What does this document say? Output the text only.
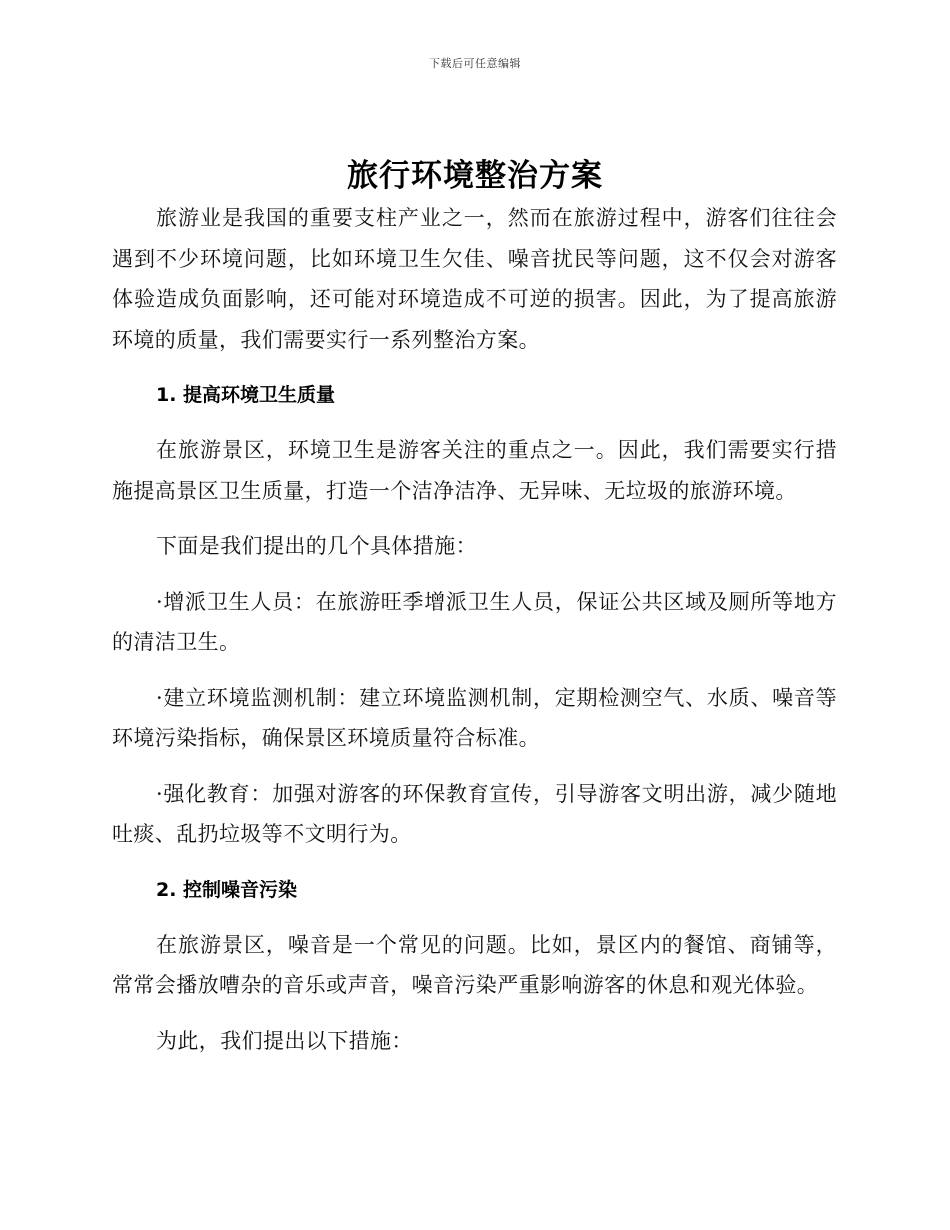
下载后可任意编辑
旅行环境整治方案

旅游业是我国的重要支柱产业之一，然而在旅游过程中，游客们往往会遇到不少环境问题，比如环境卫生欠佳、噪音扰民等问题，这不仅会对游客体验造成负面影响，还可能对环境造成不可逆的损害。因此，为了提高旅游环境的质量，我们需要实行一系列整治方案。

1. 提高环境卫生质量

在旅游景区，环境卫生是游客关注的重点之一。因此，我们需要实行措施提高景区卫生质量，打造一个洁净洁净、无异味、无垃圾的旅游环境。

下面是我们提出的几个具体措施：

·增派卫生人员：在旅游旺季增派卫生人员，保证公共区域及厕所等地方的清洁卫生。

·建立环境监测机制：建立环境监测机制，定期检测空气、水质、噪音等环境污染指标，确保景区环境质量符合标准。

·强化教育：加强对游客的环保教育宣传，引导游客文明出游，减少随地吐痰、乱扔垃圾等不文明行为。

2. 控制噪音污染

在旅游景区，噪音是一个常见的问题。比如，景区内的餐馆、商铺等，常常会播放嘈杂的音乐或声音，噪音污染严重影响游客的休息和观光体验。

为此，我们提出以下措施：
